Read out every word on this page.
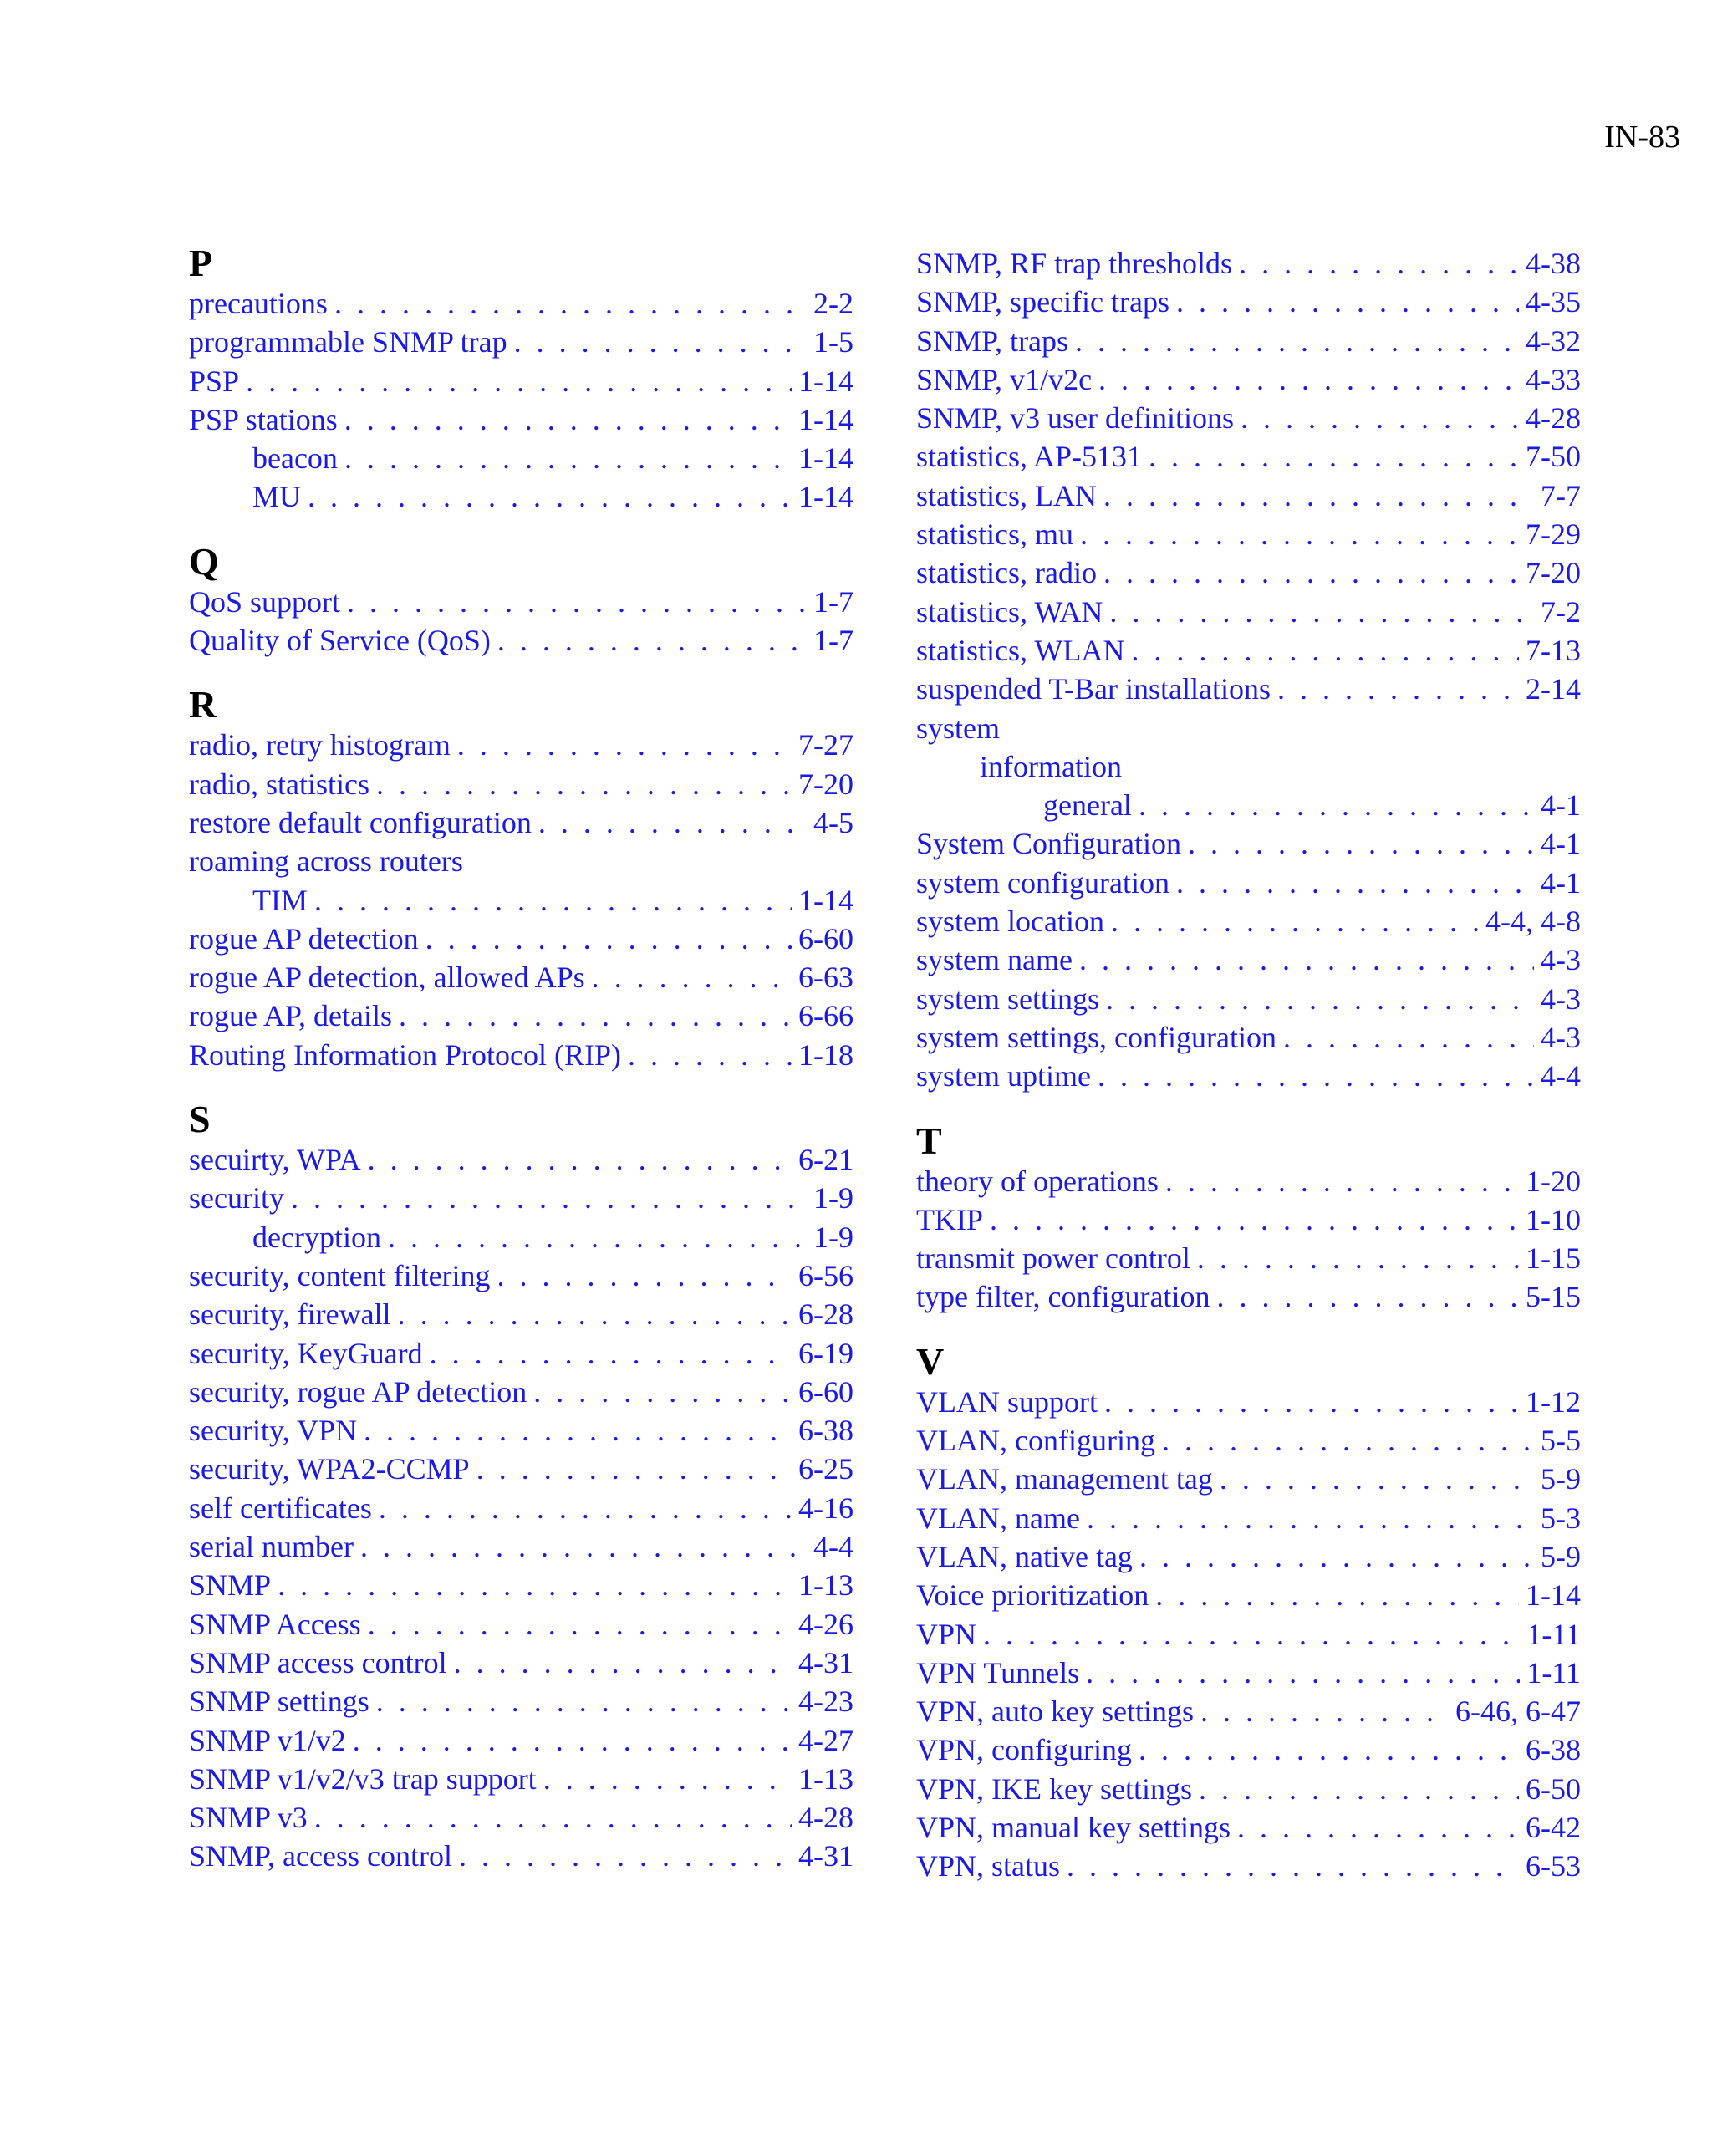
IN-83
P
precautions . . .	2-2
programmable SNMP trap . . .	1-5
PSP . . .	1-14
PSP stations . . .	1-14
beacon . . .	1-14
MU . . .	1-14
Q
QoS support . . .	1-7
Quality of Service (QoS) . . .	1-7
R
radio, retry histogram . . .	7-27
radio, statistics . . .	7-20
restore default configuration . . .	4-5
roaming across routers
TIM . . .	1-14
rogue AP detection . . .	6-60
rogue AP detection, allowed APs . . .	6-63
rogue AP, details . . .	6-66
Routing Information Protocol (RIP) . . .	1-18
S
secuirty, WPA . . .	6-21
security . . .	1-9
decryption . . .	1-9
security, content filtering . . .	6-56
security, firewall . . .	6-28
security, KeyGuard . . .	6-19
security, rogue AP detection . . .	6-60
security, VPN . . .	6-38
security, WPA2-CCMP . . .	6-25
self certificates . . .	4-16
serial number . . .	4-4
SNMP . . .	1-13
SNMP Access . . .	4-26
SNMP access control . . .	4-31
SNMP settings . . .	4-23
SNMP v1/v2 . . .	4-27
SNMP v1/v2/v3 trap support . . .	1-13
SNMP v3 . . .	4-28
SNMP, access control . . .	4-31
SNMP, RF trap thresholds . . .	4-38
SNMP, specific traps . . .	4-35
SNMP, traps . . .	4-32
SNMP, v1/v2c . . .	4-33
SNMP, v3 user definitions . . .	4-28
statistics, AP-5131 . . .	7-50
statistics, LAN . . .	7-7
statistics, mu . . .	7-29
statistics, radio . . .	7-20
statistics, WAN . . .	7-2
statistics, WLAN . . .	7-13
suspended T-Bar installations . . .	2-14
system
information
general . . .	4-1
System Configuration . . .	4-1
system configuration . . .	4-1
system location . . .	4-4, 4-8
system name . . .	4-3
system settings . . .	4-3
system settings, configuration . . .	4-3
system uptime . . .	4-4
T
theory of operations . . .	1-20
TKIP . . .	1-10
transmit power control . . .	1-15
type filter, configuration . . .	5-15
V
VLAN support . . .	1-12
VLAN, configuring . . .	5-5
VLAN, management tag . . .	5-9
VLAN, name . . .	5-3
VLAN, native tag . . .	5-9
Voice prioritization . . .	1-14
VPN . . .	1-11
VPN Tunnels . . .	1-11
VPN, auto key settings . . .	6-46, 6-47
VPN, configuring . . .	6-38
VPN, IKE key settings . . .	6-50
VPN, manual key settings . . .	6-42
VPN, status . . .	6-53
